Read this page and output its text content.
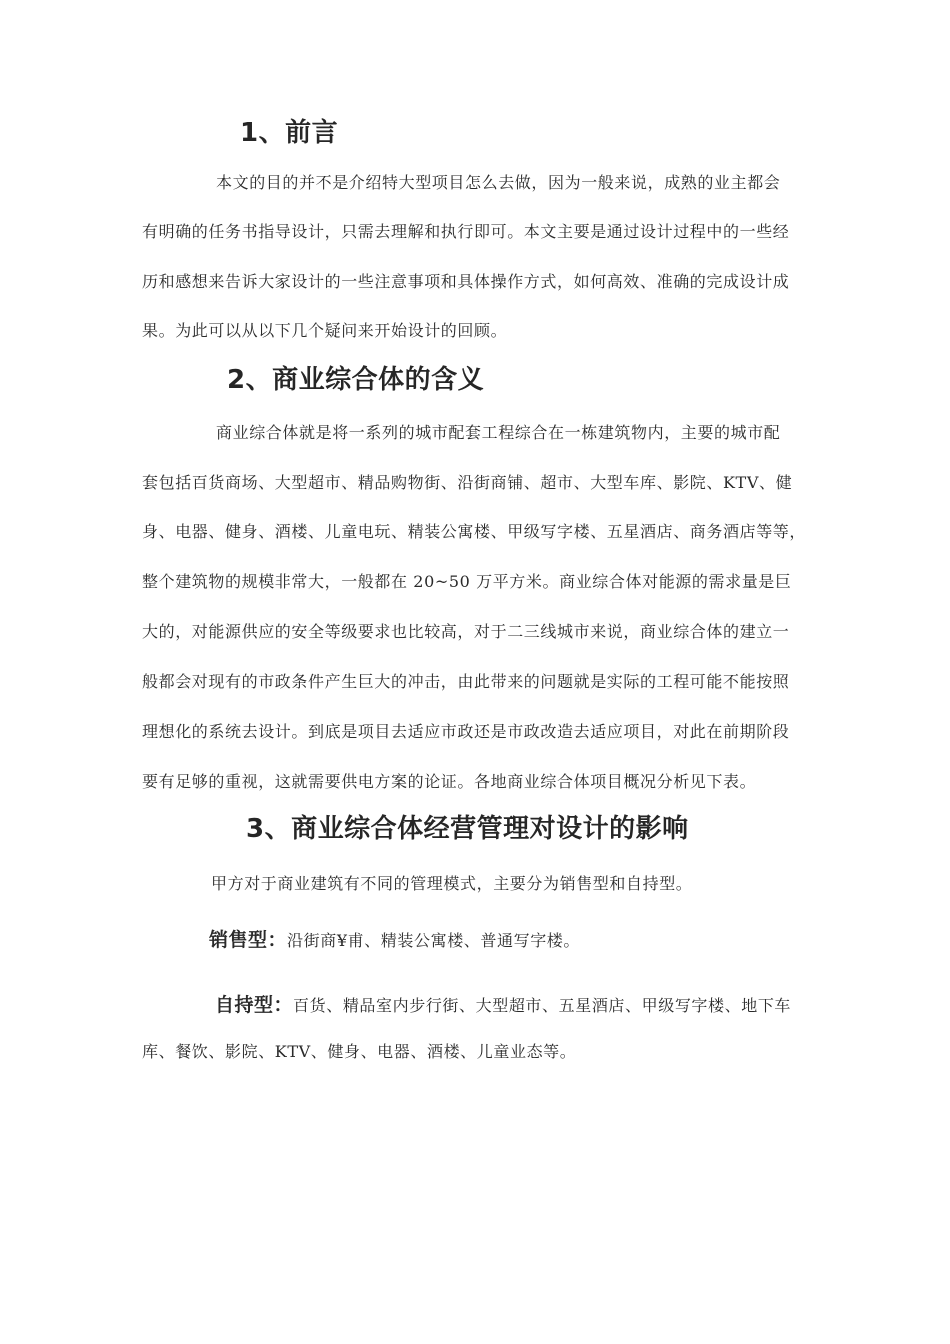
1、前言
本文的目的并不是介绍特大型项目怎么去做，因为一般来说，成熟的业主都会
有明确的任务书指导设计，只需去理解和执行即可。本文主要是通过设计过程中的一些经
历和感想来告诉大家设计的一些注意事项和具体操作方式，如何高效、准确的完成设计成
果。为此可以从以下几个疑问来开始设计的回顾。
2、商业综合体的含义
商业综合体就是将一系列的城市配套工程综合在一栋建筑物内，主要的城市配
套包括百货商场、大型超市、精品购物街、沿街商铺、超市、大型车库、影院、KTV、健
身、电器、健身、酒楼、儿童电玩、精装公寓楼、甲级写字楼、五星酒店、商务酒店等等，
整个建筑物的规模非常大，一般都在 20~50 万平方米。商业综合体对能源的需求量是巨
大的，对能源供应的安全等级要求也比较高，对于二三线城市来说，商业综合体的建立一
般都会对现有的市政条件产生巨大的冲击，由此带来的问题就是实际的工程可能不能按照
理想化的系统去设计。到底是项目去适应市政还是市政改造去适应项目，对此在前期阶段
要有足够的重视，这就需要供电方案的论证。各地商业综合体项目概况分析见下表。
3、商业综合体经营管理对设计的影响
甲方对于商业建筑有不同的管理模式，主要分为销售型和自持型。
销售型：沿街商¥甫、精装公寓楼、普通写字楼。
自持型：百货、精品室内步行街、大型超市、五星酒店、甲级写字楼、地下车
库、餐饮、影院、KTV、健身、电器、酒楼、儿童业态等。
